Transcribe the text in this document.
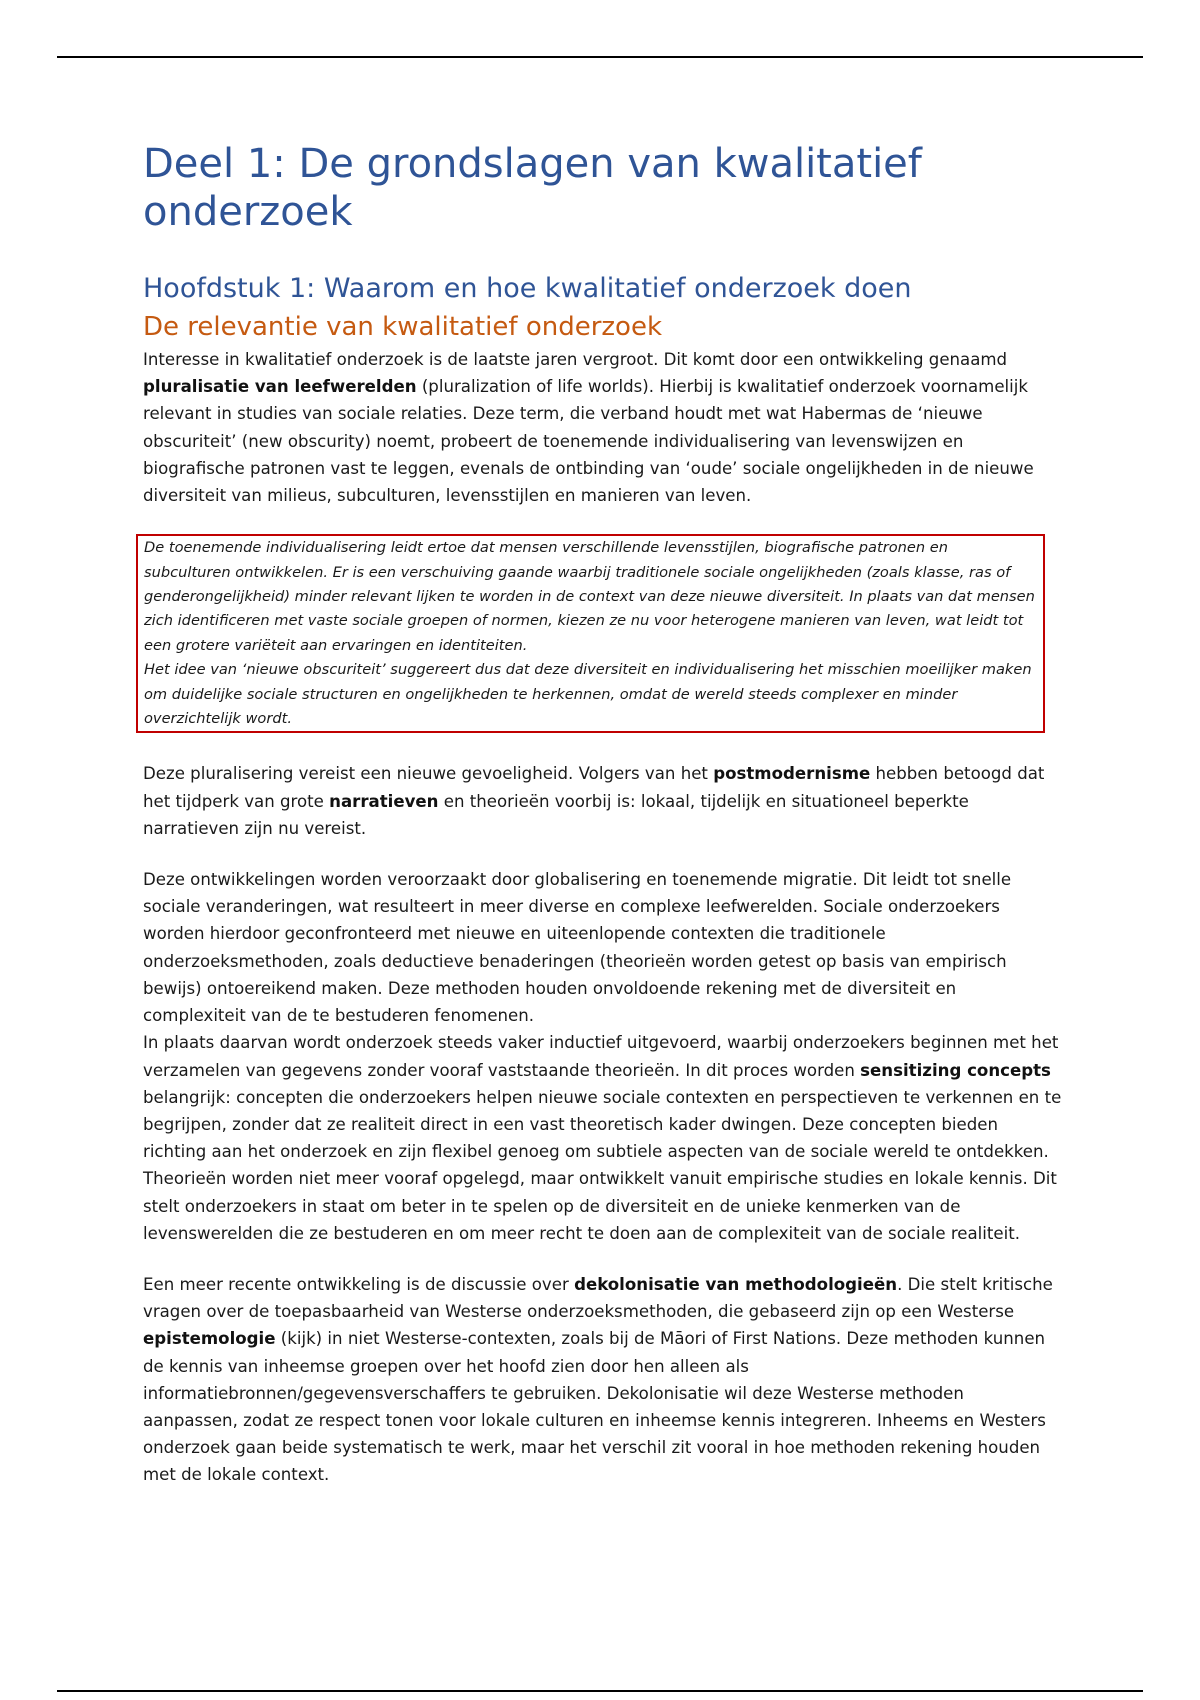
Deel 1: De grondslagen van kwalitatief onderzoek
Hoofdstuk 1: Waarom en hoe kwalitatief onderzoek doen
De relevantie van kwalitatief onderzoek

Interesse in kwalitatief onderzoek is de laatste jaren vergroot. Dit komt door een ontwikkeling genaamd pluralisatie van leefwerelden (pluralization of life worlds). Hierbij is kwalitatief onderzoek voornamelijk relevant in studies van sociale relaties. Deze term, die verband houdt met wat Habermas de ‘nieuwe obscuriteit’ (new obscurity) noemt, probeert de toenemende individualisering van levenswijzen en biografische patronen vast te leggen, evenals de ontbinding van ‘oude’ sociale ongelijkheden in de nieuwe diversiteit van milieus, subculturen, levensstijlen en manieren van leven.

De toenemende individualisering leidt ertoe dat mensen verschillende levensstijlen, biografische patronen en subculturen ontwikkelen. Er is een verschuiving gaande waarbij traditionele sociale ongelijkheden (zoals klasse, ras of genderongelijkheid) minder relevant lijken te worden in de context van deze nieuwe diversiteit. In plaats van dat mensen zich identificeren met vaste sociale groepen of normen, kiezen ze nu voor heterogene manieren van leven, wat leidt tot een grotere variëteit aan ervaringen en identiteiten.

Het idee van ‘nieuwe obscuriteit’ suggereert dus dat deze diversiteit en individualisering het misschien moeilijker maken om duidelijke sociale structuren en ongelijkheden te herkennen, omdat de wereld steeds complexer en minder overzichtelijk wordt.

Deze pluralisering vereist een nieuwe gevoeligheid. Volgers van het postmodernisme hebben betoogd dat het tijdperk van grote narratieven en theorieën voorbij is: lokaal, tijdelijk en situationeel beperkte narratieven zijn nu vereist.

Deze ontwikkelingen worden veroorzaakt door globalisering en toenemende migratie. Dit leidt tot snelle sociale veranderingen, wat resulteert in meer diverse en complexe leefwerelden. Sociale onderzoekers worden hierdoor geconfronteerd met nieuwe en uiteenlopende contexten die traditionele onderzoeksmethoden, zoals deductieve benaderingen (theorieën worden getest op basis van empirisch bewijs) ontoereikend maken. Deze methoden houden onvoldoende rekening met de diversiteit en complexiteit van de te bestuderen fenomenen.

In plaats daarvan wordt onderzoek steeds vaker inductief uitgevoerd, waarbij onderzoekers beginnen met het verzamelen van gegevens zonder vooraf vaststaande theorieën. In dit proces worden sensitizing concepts belangrijk: concepten die onderzoekers helpen nieuwe sociale contexten en perspectieven te verkennen en te begrijpen, zonder dat ze realiteit direct in een vast theoretisch kader dwingen. Deze concepten bieden richting aan het onderzoek en zijn flexibel genoeg om subtiele aspecten van de sociale wereld te ontdekken. Theorieën worden niet meer vooraf opgelegd, maar ontwikkelt vanuit empirische studies en lokale kennis. Dit stelt onderzoekers in staat om beter in te spelen op de diversiteit en de unieke kenmerken van de levenswerelden die ze bestuderen en om meer recht te doen aan de complexiteit van de sociale realiteit.

Een meer recente ontwikkeling is de discussie over dekolonisatie van methodologieën. Die stelt kritische vragen over de toepasbaarheid van Westerse onderzoeksmethoden, die gebaseerd zijn op een Westerse epistemologie (kijk) in niet Westerse-contexten, zoals bij de Māori of First Nations. Deze methoden kunnen de kennis van inheemse groepen over het hoofd zien door hen alleen als informatiebronnen/gegevensverschaffers te gebruiken. Dekolonisatie wil deze Westerse methoden aanpassen, zodat ze respect tonen voor lokale culturen en inheemse kennis integreren. Inheems en Westers onderzoek gaan beide systematisch te werk, maar het verschil zit vooral in hoe methoden rekening houden met de lokale context.
